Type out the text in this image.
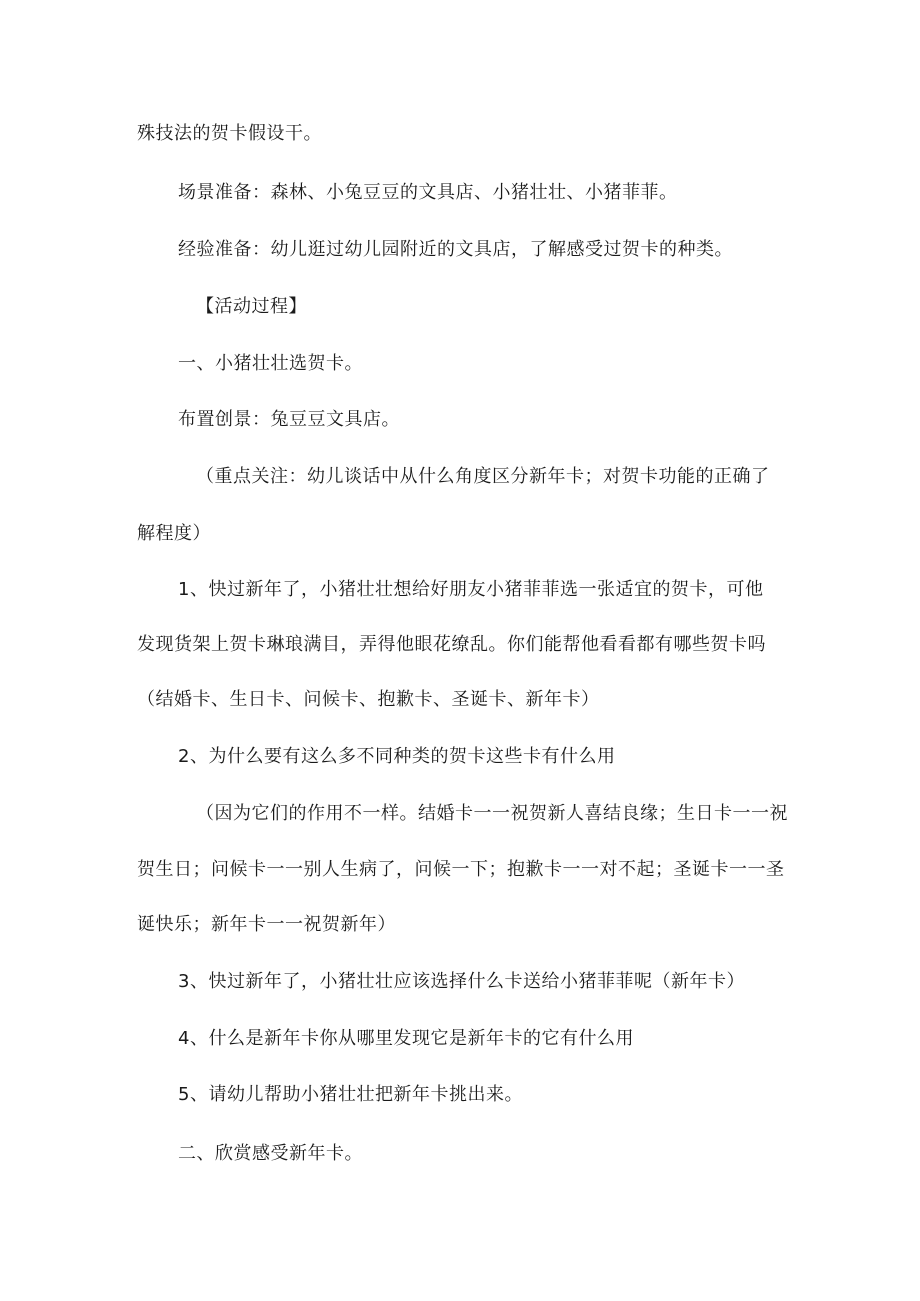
殊技法的贺卡假设干。

场景准备：森林、小兔豆豆的文具店、小猪壮壮、小猪菲菲。

经验准备：幼儿逛过幼儿园附近的文具店，了解感受过贺卡的种类。

【活动过程】

一、小猪壮壮选贺卡。

布置创景：兔豆豆文具店。

（重点关注：幼儿谈话中从什么角度区分新年卡；对贺卡功能的正确了

解程度）

1、快过新年了，小猪壮壮想给好朋友小猪菲菲选一张适宜的贺卡，可他

发现货架上贺卡琳琅满目，弄得他眼花缭乱。你们能帮他看看都有哪些贺卡吗

（结婚卡、生日卡、问候卡、抱歉卡、圣诞卡、新年卡）

2、为什么要有这么多不同种类的贺卡这些卡有什么用

（因为它们的作用不一样。结婚卡一一祝贺新人喜结良缘；生日卡一一祝

贺生日；问候卡一一别人生病了，问候一下；抱歉卡一一对不起；圣诞卡一一圣

诞快乐；新年卡一一祝贺新年）

3、快过新年了，小猪壮壮应该选择什么卡送给小猪菲菲呢（新年卡）

4、什么是新年卡你从哪里发现它是新年卡的它有什么用

5、请幼儿帮助小猪壮壮把新年卡挑出来。

二、欣赏感受新年卡。
